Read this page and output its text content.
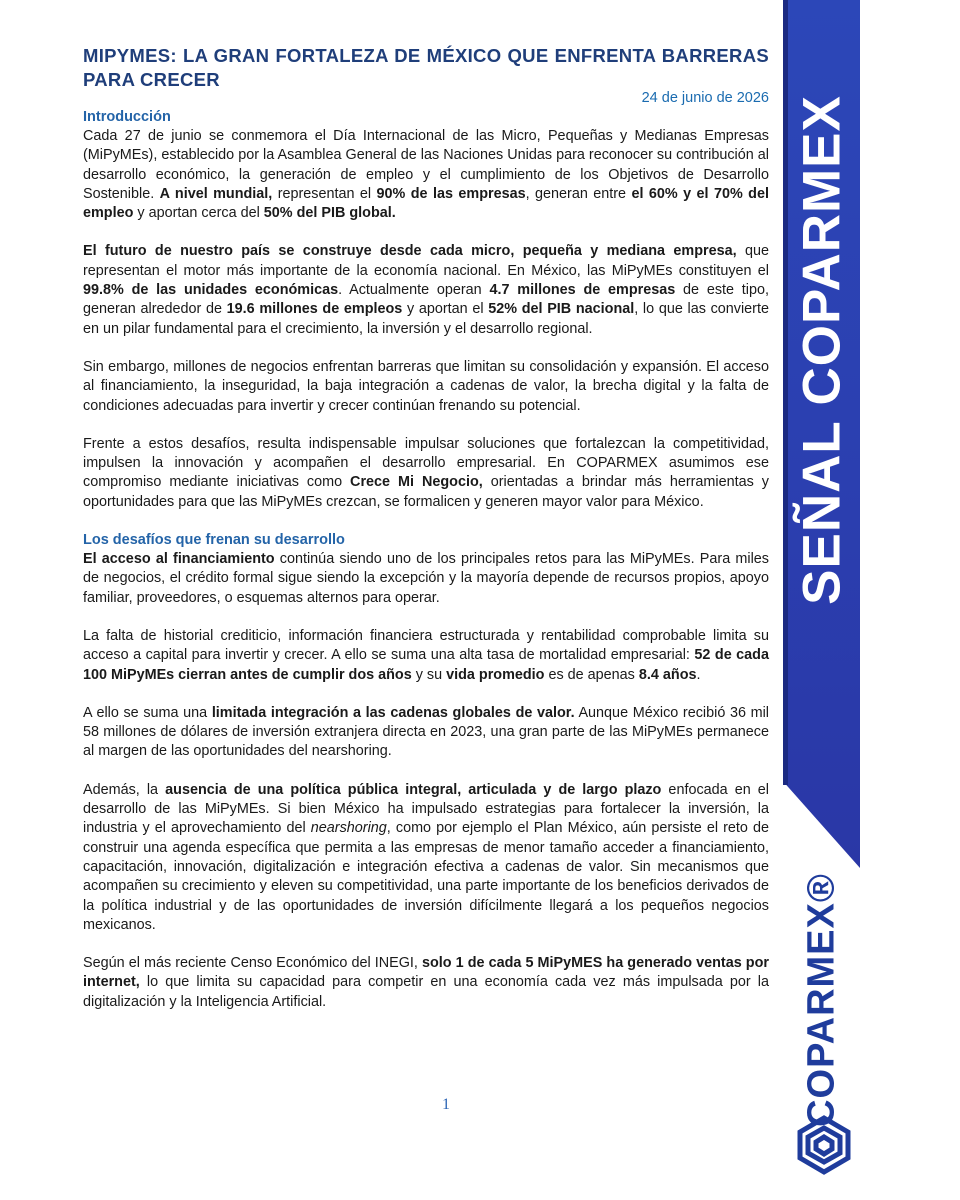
SEÑAL COPARMEX
COPARMEX®
MIPYMES: LA GRAN FORTALEZA DE MÉXICO QUE ENFRENTA BARRERAS PARA CRECER
24 de junio de 2026
Introducción

Cada 27 de junio se conmemora el Día Internacional de las Micro, Pequeñas y Medianas Empresas (MiPyMEs), establecido por la Asamblea General de las Naciones Unidas para reconocer su contribución al desarrollo económico, la generación de empleo y el cumplimiento de los Objetivos de Desarrollo Sostenible. A nivel mundial, representan el 90% de las empresas, generan entre el 60% y el 70% del empleo y aportan cerca del 50% del PIB global.

El futuro de nuestro país se construye desde cada micro, pequeña y mediana empresa, que representan el motor más importante de la economía nacional. En México, las MiPyMEs constituyen el 99.8% de las unidades económicas. Actualmente operan 4.7 millones de empresas de este tipo, generan alrededor de 19.6 millones de empleos y aportan el 52% del PIB nacional, lo que las convierte en un pilar fundamental para el crecimiento, la inversión y el desarrollo regional.

Sin embargo, millones de negocios enfrentan barreras que limitan su consolidación y expansión. El acceso al financiamiento, la inseguridad, la baja integración a cadenas de valor, la brecha digital y la falta de condiciones adecuadas para invertir y crecer continúan frenando su potencial.

Frente a estos desafíos, resulta indispensable impulsar soluciones que fortalezcan la competitividad, impulsen la innovación y acompañen el desarrollo empresarial. En COPARMEX asumimos ese compromiso mediante iniciativas como Crece Mi Negocio, orientadas a brindar más herramientas y oportunidades para que las MiPyMEs crezcan, se formalicen y generen mayor valor para México.

Los desafíos que frenan su desarrollo

El acceso al financiamiento continúa siendo uno de los principales retos para las MiPyMEs. Para miles de negocios, el crédito formal sigue siendo la excepción y la mayoría depende de recursos propios, apoyo familiar, proveedores, o esquemas alternos para operar.

La falta de historial crediticio, información financiera estructurada y rentabilidad comprobable limita su acceso a capital para invertir y crecer. A ello se suma una alta tasa de mortalidad empresarial: 52 de cada 100 MiPyMEs cierran antes de cumplir dos años y su vida promedio es de apenas 8.4 años.

A ello se suma una limitada integración a las cadenas globales de valor. Aunque México recibió 36 mil 58 millones de dólares de inversión extranjera directa en 2023, una gran parte de las MiPyMEs permanece al margen de las oportunidades del nearshoring.

Además, la ausencia de una política pública integral, articulada y de largo plazo enfocada en el desarrollo de las MiPyMEs. Si bien México ha impulsado estrategias para fortalecer la inversión, la industria y el aprovechamiento del nearshoring, como por ejemplo el Plan México, aún persiste el reto de construir una agenda específica que permita a las empresas de menor tamaño acceder a financiamiento, capacitación, innovación, digitalización e integración efectiva a cadenas de valor. Sin mecanismos que acompañen su crecimiento y eleven su competitividad, una parte importante de los beneficios derivados de la política industrial y de las oportunidades de inversión difícilmente llegará a los pequeños negocios mexicanos.

Según el más reciente Censo Económico del INEGI, solo 1 de cada 5 MiPyMES ha generado ventas por internet, lo que limita su capacidad para competir en una economía cada vez más impulsada por la digitalización y la Inteligencia Artificial.

1
